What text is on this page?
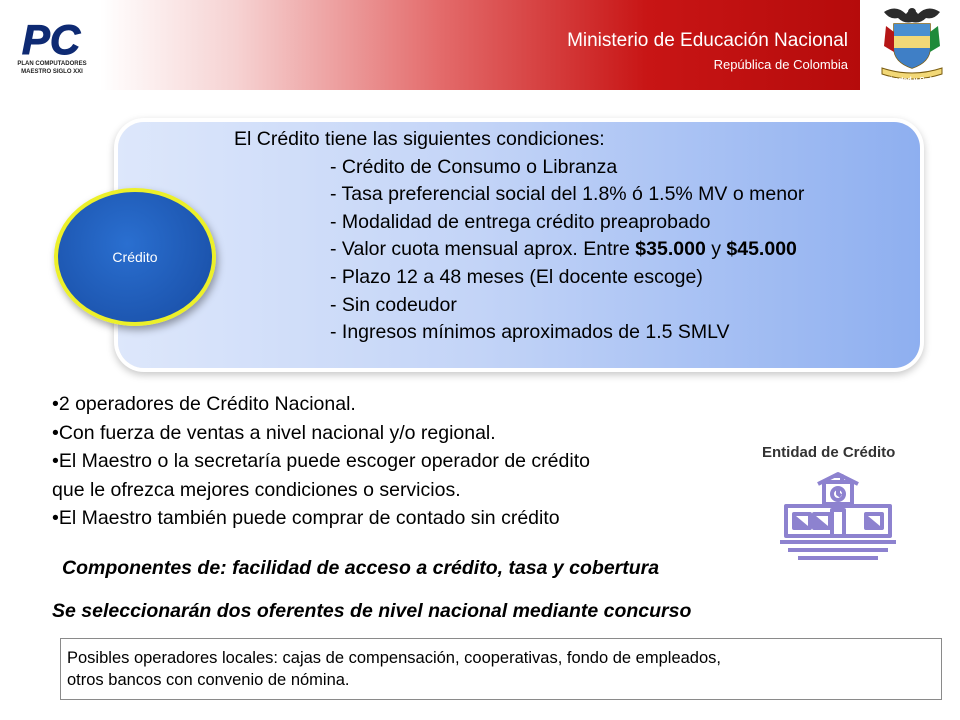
PC
PLAN COMPUTADORES
MAESTRO SIGLO XXI
Ministerio de Educación Nacional
República de Colombia
Libertad y Orden
Crédito
El Crédito tiene las siguientes condiciones:
- Crédito de Consumo o Libranza
- Tasa preferencial social del 1.8% ó 1.5% MV o menor
- Modalidad de entrega crédito preaprobado
- Valor cuota mensual aprox. Entre $35.000 y $45.000
- Plazo 12 a 48 meses (El docente escoge)
- Sin codeudor
- Ingresos mínimos aproximados de 1.5 SMLV
•2 operadores de Crédito Nacional.
•Con fuerza de ventas a nivel nacional y/o regional.
•El Maestro o la secretaría puede escoger operador de crédito
que le ofrezca mejores condiciones o servicios.
•El Maestro también puede comprar de contado sin crédito
Entidad de Crédito
Componentes de: facilidad de acceso a crédito, tasa y cobertura
Se seleccionarán dos oferentes de nivel nacional mediante concurso
Posibles operadores locales: cajas de compensación, cooperativas, fondo de empleados,
otros bancos con convenio de nómina.
